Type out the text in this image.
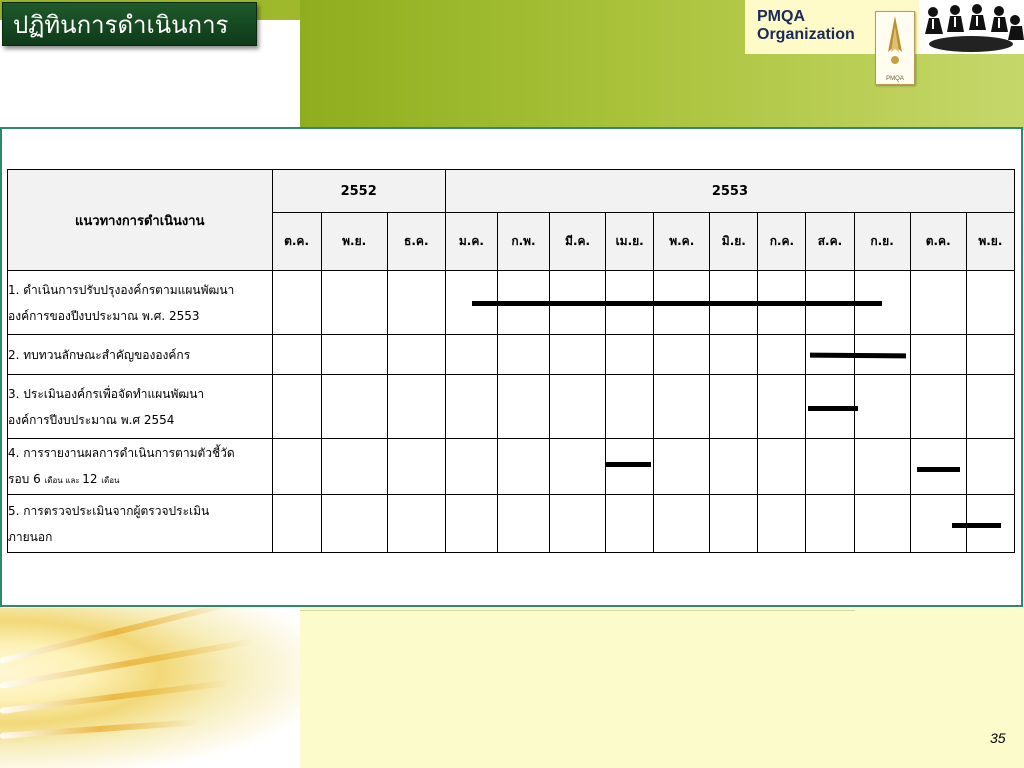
ปฏิทินการดำเนินการ	PMQA
Organization
PMQA
แนวทางการดำเนินงาน	2552			2553										
	ต.ค.	พ.ย.	ธ.ค.	ม.ค.	ก.พ.	มี.ค.	เม.ย.	พ.ค.	มิ.ย.	ก.ค.	ส.ค.	ก.ย.	ต.ค.	พ.ย.

1. ดำเนินการปรับปรุงองค์กรตามแผนพัฒนา
องค์การของปีงบประมาณ พ.ศ. 2553														

2. ทบทวนลักษณะสำคัญขององค์กร														

3. ประเมินองค์กรเพื่อจัดทำแผนพัฒนา
องค์การปีงบประมาณ พ.ศ 2554														

4. การรายงานผลการดำเนินการตามตัวชี้วัด
รอบ 6 เดือน และ 12 เดือน														

5. การตรวจประเมินจากผู้ตรวจประเมิน
ภายนอก														

35
